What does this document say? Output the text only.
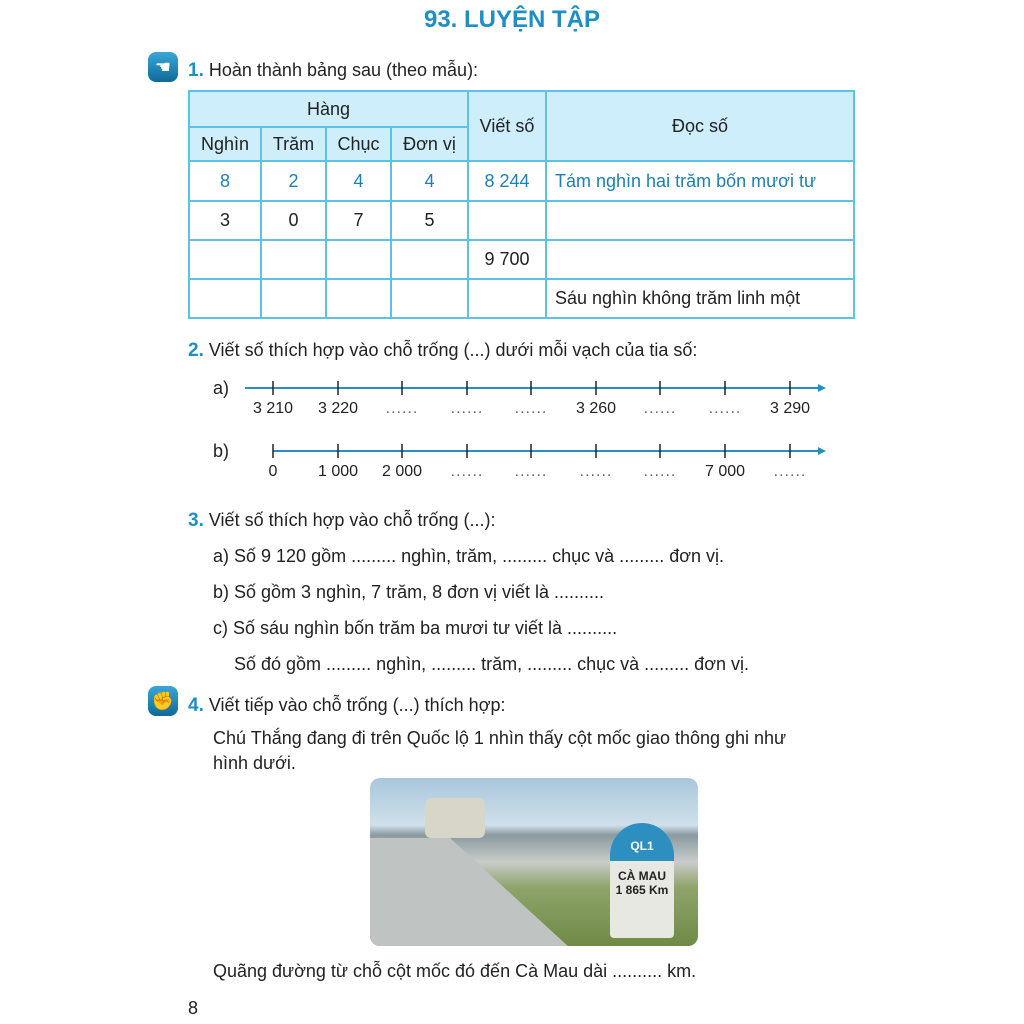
93. LUYỆN TẬP
☚ 1. Hoàn thành bảng sau (theo mẫu):
Hàng				Viết số	Đọc số
Nghìn	Trăm	Chục	Đơn vị		
8	2	4	4	8 244	Tám nghìn hai trăm bốn mươi tư
3	0	7	5		
				9 700	
					Sáu nghìn không trăm linh một
2. Viết số thích hợp vào chỗ trống (...) dưới mỗi vạch của tia số:
a)
b)
3 210	3 220	......	......	......	3 260	......	......	3 290
0	1 000	2 000	......	......	......	......	7 000	......
3. Viết số thích hợp vào chỗ trống (...):
a) Số 9 120 gồm ......... nghìn, trăm, ......... chục và ......... đơn vị.
b) Số gồm 3 nghìn, 7 trăm, 8 đơn vị viết là ..........
c) Số sáu nghìn bốn trăm ba mươi tư viết là ..........
Số đó gồm ......... nghìn, ......... trăm, ......... chục và ......... đơn vị.
✊ 4. Viết tiếp vào chỗ trống (...) thích hợp:
Chú Thắng đang đi trên Quốc lộ 1 nhìn thấy cột mốc giao thông ghi như
hình dưới.
QL1
CÀ MAU
1 865 Km
Quãng đường từ chỗ cột mốc đó đến Cà Mau dài .......... km.
8
